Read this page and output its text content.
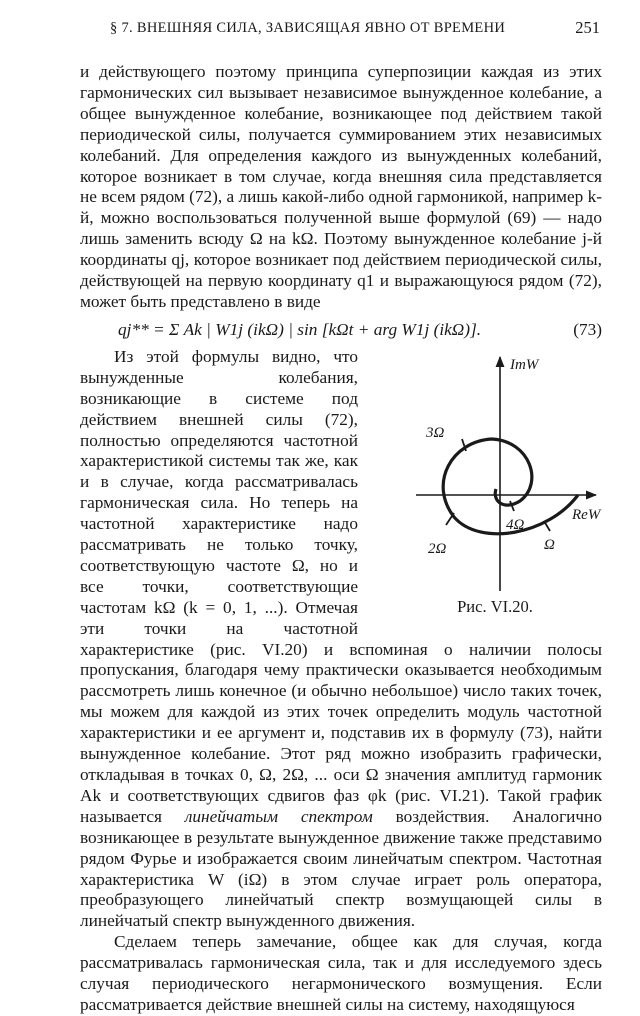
§ 7. ВНЕШНЯЯ СИЛА, ЗАВИСЯЩАЯ ЯВНО ОТ ВРЕМЕНИ	251

и действующего поэтому принципа суперпозиции каждая из этих гармонических сил вызывает независимое вынужденное колебание, а общее вынужденное колебание, возникающее под действием такой периодической силы, получается суммированием этих независимых колебаний. Для определения каждого из вынужденных колебаний, которое возникает в том случае, когда внешняя сила представляется не всем рядом (72), а лишь какой-либо одной гармоникой, например k-й, можно воспользоваться полученной выше формулой (69) — надо лишь заменить всюду Ω на kΩ. Поэтому вынужденное колебание j-й координаты qj, которое возникает под действием периодической силы, действующей на первую координату q1 и выражающуюся рядом (72), может быть представлено в виде

qj** = Σ Ak | W1j (ikΩ) | sin [kΩt + arg W1j (ikΩ)].	(73)

ImW
ReW
3Ω
4Ω
Ω
2Ω
Рис. VI.20.
Из этой формулы видно, что вынужденные колебания, возникающие в системе под действием внешней силы (72), полностью определяются частотной характеристикой системы так же, как и в случае, когда рассматривалась гармоническая сила. Но теперь на частотной характеристике надо рассматривать не только точку, соответствующую частоте Ω, но и все точки, соответствующие частотам kΩ (k = 0, 1, ...). Отмечая эти точки на частотной характеристике (рис. VI.20) и вспоминая о наличии полосы пропускания, благодаря чему практически оказывается необходимым рассмотреть лишь конечное (и обычно небольшое) число таких точек, мы можем для каждой из этих точек определить модуль частотной характеристики и ее аргумент и, подставив их в формулу (73), найти вынужденное колебание. Этот ряд можно изобразить графически, откладывая в точках 0, Ω, 2Ω, ... оси Ω значения амплитуд гармоник Ak и соответствующих сдвигов фаз φk (рис. VI.21). Такой график называется линейчатым спектром воздействия. Аналогично возникающее в результате вынужденное движение также представимо рядом Фурье и изображается своим линейчатым спектром. Частотная характеристика W (iΩ) в этом случае играет роль оператора, преобразующего линейчатый спектр возмущающей силы в линейчатый спектр вынужденного движения.

Сделаем теперь замечание, общее как для случая, когда рассматривалась гармоническая сила, так и для исследуемого здесь случая периодического негармонического возмущения. Если рассматривается действие внешней силы на систему, находящуюся
